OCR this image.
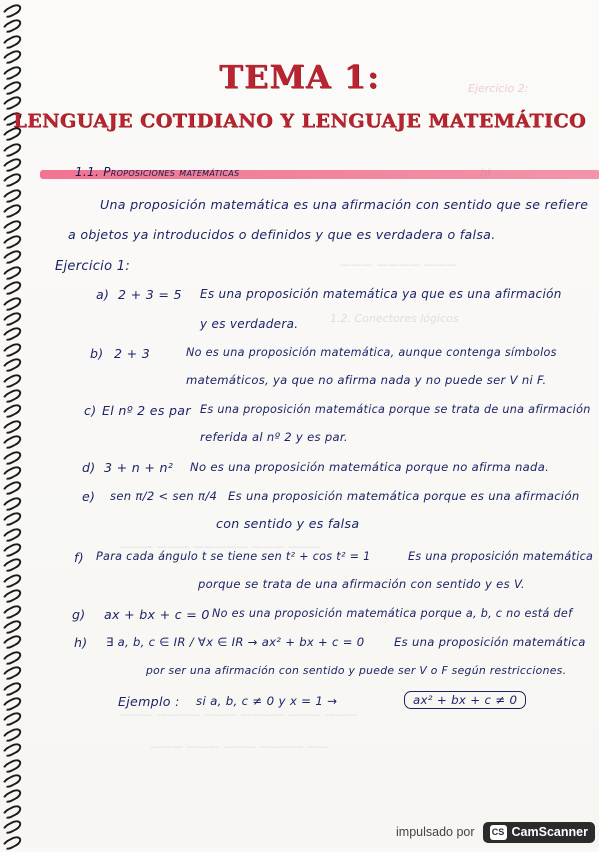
Ejercicio 2:
——— ———— ———
1.2. Conectores lógicos
——— ——— ————— ——— ———
——— ———— ——— ———— ——— ———
——— ——— ——— ———— ——
TEMA 1:
LENGUAJE COTIDIANO Y LENGUAJE MATEMÁTICO
1.1. Proposiciones matemáticas
Una proposición matemática es una afirmación con sentido que se refiere
a objetos ya introducidos o definidos y que es verdadera o falsa.
Ejercicio 1:
a) 2 + 3 = 5 Es una proposición matemática ya que es una afirmación
y es verdadera.
b) 2 + 3	No es una proposición matemática, aunque contenga símbolos
matemáticos, ya que no afirma nada y no puede ser V ni F.
c) El nº 2 es par Es una proposición matemática porque se trata de una afirmación
referida al nº 2 y es par.
d) 3 + n + n² No es una proposición matemática porque no afirma nada.
e) sen π/2 < sen π/4 Es una proposición matemática porque es una afirmación
con sentido y es falsa
f) Para cada ángulo t se tiene sen t² + cos t² = 1	Es una proposición matemática
porque se trata de una afirmación con sentido y es V.
g) ax + bx + c = 0 No es una proposición matemática porque a, b, c no está def
h) ∃ a, b, c ∈ IR / ∀x ∈ IR → ax² + bx + c = 0	Es una proposición matemática
por ser una afirmación con sentido y puede ser V o F según restricciones.
Ejemplo : si a, b, c ≠ 0 y x = 1 →	ax² + bx + c ≠ 0
impulsado por CS CamScanner
